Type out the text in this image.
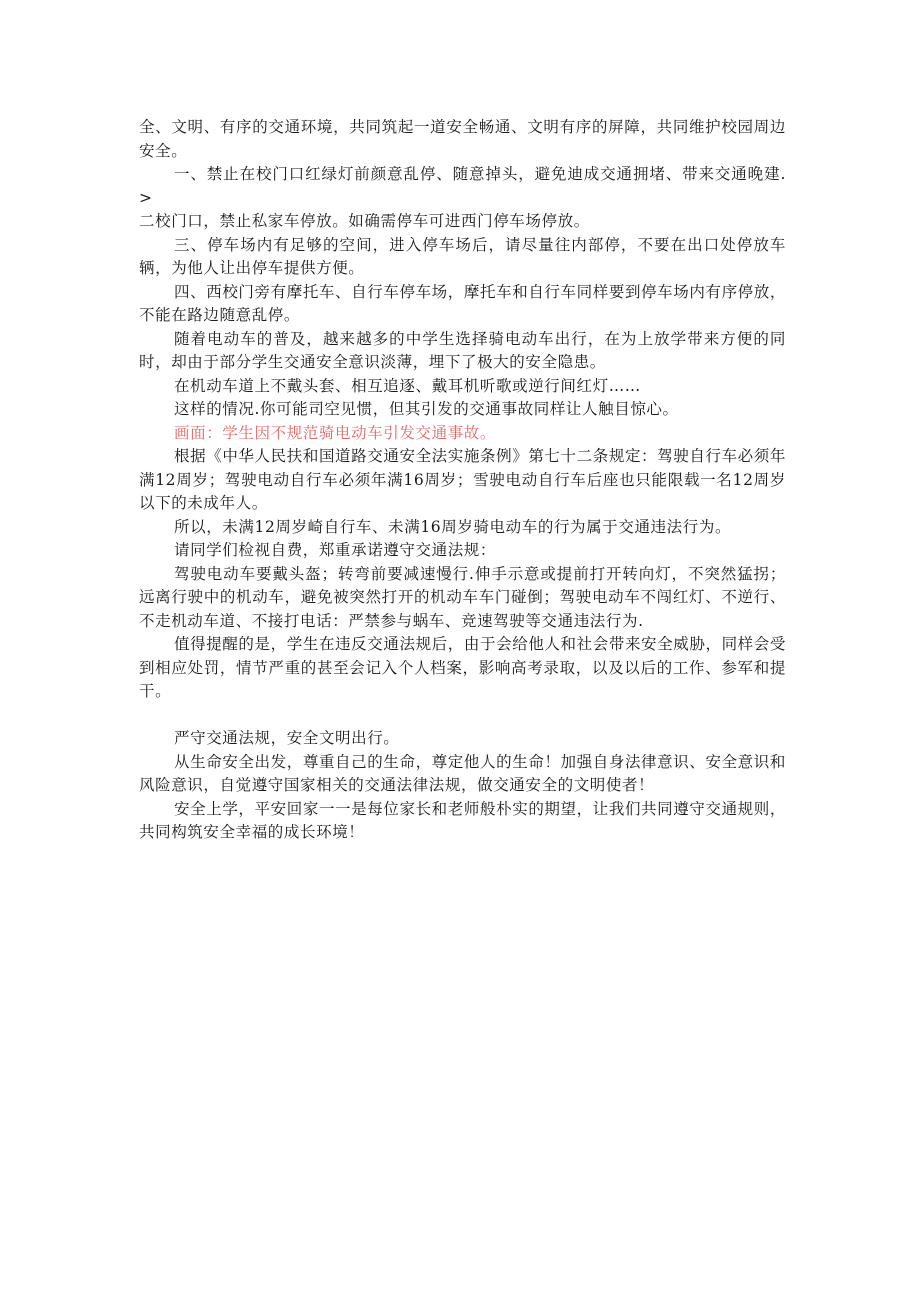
全、文明、有序的交通环境，共同筑起一道安全畅通、文明有序的屏障，共同维护校园周边安全。

一、禁止在校门口红绿灯前颜意乱停、随意掉头，避免迪成交通拥堵、带来交通晚建.>

二校门口，禁止私家车停放。如确需停车可进西门停车场停放。

三、停车场内有足够的空间，进入停车场后，请尽量往内部停，不要在出口处停放车辆，为他人让出停车提供方便。

四、西校门旁有摩托车、自行车停车场，摩托车和自行车同样要到停车场内有序停放，不能在路边随意乱停。

随着电动车的普及，越来越多的中学生选择骑电动车出行，在为上放学带来方便的同时，却由于部分学生交通安全意识淡薄，埋下了极大的安全隐患。

在机动车道上不戴头套、相互追逐、戴耳机听歌或逆行间红灯……

这样的情况.你可能司空见惯，但其引发的交通事故同样让人触目惊心。

画面：学生因不规范骑电动车引发交通事故。

根据《中华人民扶和国道路交通安全法实施条例》第七十二条规定：驾驶自行车必须年满12周岁；驾驶电动自行车必须年满16周岁；雪驶电动自行车后座也只能限载一名12周岁以下的未成年人。

所以，未满12周岁崎自行车、未满16周岁骑电动车的行为属于交通违法行为。

请同学们检视自费，郑重承诺遵守交通法规：

驾驶电动车要戴头盔；转弯前要减速慢行.伸手示意或提前打开转向灯，不突然猛拐；远离行驶中的机动车，避免被突然打开的机动车车门碰倒；驾驶电动车不闯红灯、不逆行、不走机动车道、不接打电话：严禁参与蜗车、竞速驾驶等交通违法行为.

值得提醒的是，学生在违反交通法规后，由于会给他人和社会带来安全威胁，同样会受到相应处罚，情节严重的甚至会记入个人档案，影响高考录取，以及以后的工作、参军和提干。

严守交通法规，安全文明出行。

从生命安全出发，尊重自己的生命，尊定他人的生命！加强自身法律意识、安全意识和风险意识，自觉遵守国家相关的交通法律法规，做交通安全的文明使者！

安全上学，平安回家一一是每位家长和老师般朴实的期望，让我们共同遵守交通规则，共同构筑安全幸福的成长环境！
